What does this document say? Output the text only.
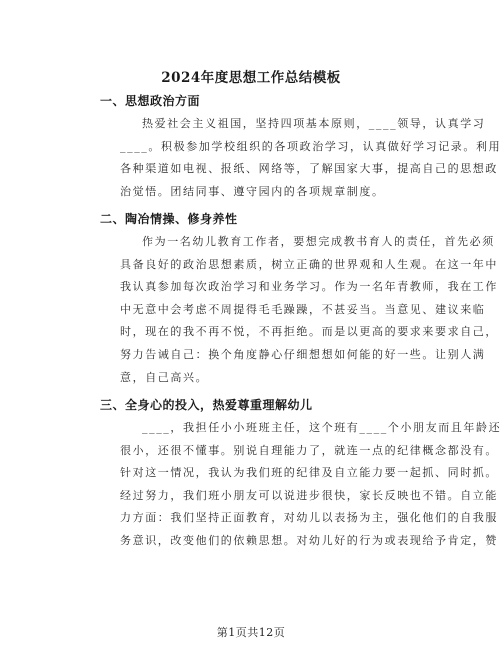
2024年度思想工作总结模板
一、思想政治方面
热爱社会主义祖国，坚持四项基本原则，____领导，认真学习
____。积极参加学校组织的各项政治学习，认真做好学习记录。利用
各种渠道如电视、报纸、网络等，了解国家大事，提高自己的思想政
治觉悟。团结同事、遵守园内的各项规章制度。
二、陶冶情操、修身养性
作为一名幼儿教育工作者，要想完成教书育人的责任，首先必须
具备良好的政治思想素质，树立正确的世界观和人生观。在这一年中
我认真参加每次政治学习和业务学习。作为一名年青教师，我在工作
中无意中会考虑不周提得毛毛躁躁，不甚妥当。当意见、建议来临
时，现在的我不再不悦，不再拒绝。而是以更高的要求来要求自己，
努力告诫自己：换个角度静心仔细想想如何能的好一些。让别人满
意，自己高兴。
三、全身心的投入，热爱尊重理解幼儿
____，我担任小小班班主任，这个班有____个小朋友而且年龄还
很小，还很不懂事。别说自理能力了，就连一点的纪律概念都没有。
针对这一情况，我认为我们班的纪律及自立能力要一起抓、同时抓。
经过努力，我们班小朋友可以说进步很快，家长反映也不错。自立能
力方面：我们坚持正面教育，对幼儿以表扬为主，强化他们的自我服
务意识，改变他们的依赖思想。对幼儿好的行为或表现给予肯定，赞
第1页共12页
